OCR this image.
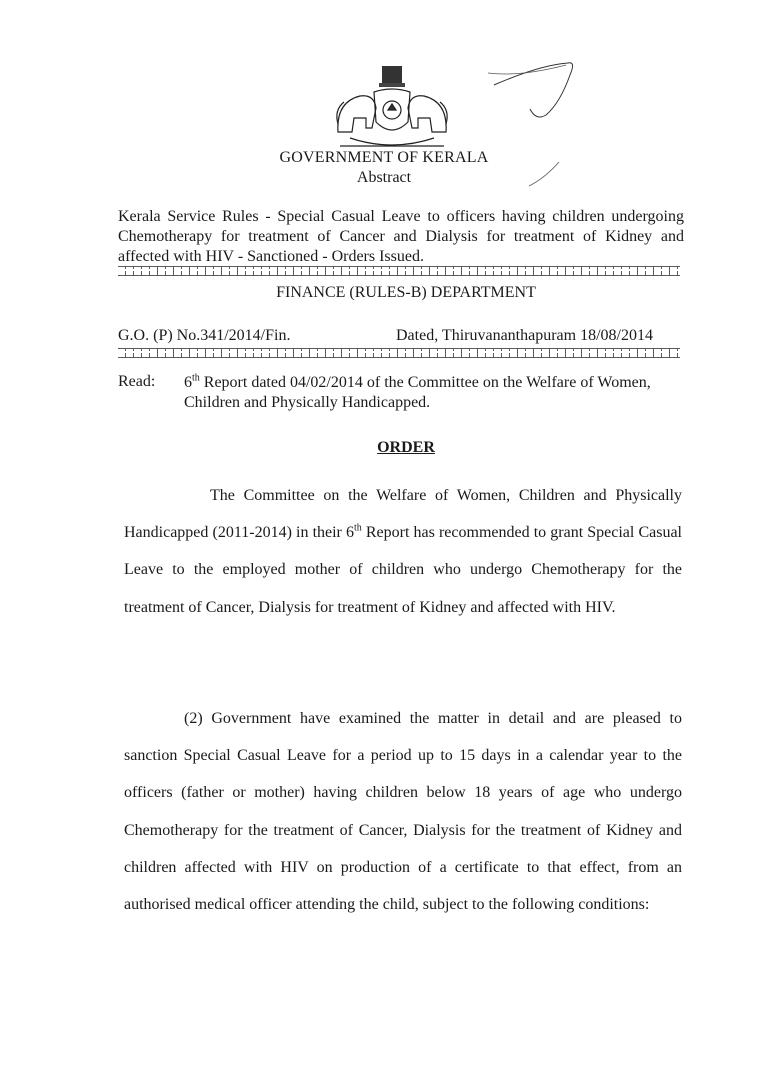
GOVERNMENT OF KERALA
Abstract
Kerala Service Rules - Special Casual Leave to officers having children undergoing Chemotherapy for treatment of Cancer and Dialysis for treatment of Kidney and affected with HIV - Sanctioned - Orders Issued.
FINANCE (RULES-B) DEPARTMENT
G.O. (P) No.341/2014/Fin.	Dated, Thiruvananthapuram 18/08/2014
Read: 6th Report dated 04/02/2014 of the Committee on the Welfare of Women, Children and Physically Handicapped.
ORDER
The Committee on the Welfare of Women, Children and Physically Handicapped (2011-2014) in their 6th Report has recommended to grant Special Casual Leave to the employed mother of children who undergo Chemotherapy for the treatment of Cancer, Dialysis for treatment of Kidney and affected with HIV.
(2) Government have examined the matter in detail and are pleased to sanction Special Casual Leave for a period up to 15 days in a calendar year to the officers (father or mother) having children below 18 years of age who undergo Chemotherapy for the treatment of Cancer, Dialysis for the treatment of Kidney and children affected with HIV on production of a certificate to that effect, from an authorised medical officer attending the child, subject to the following conditions:
